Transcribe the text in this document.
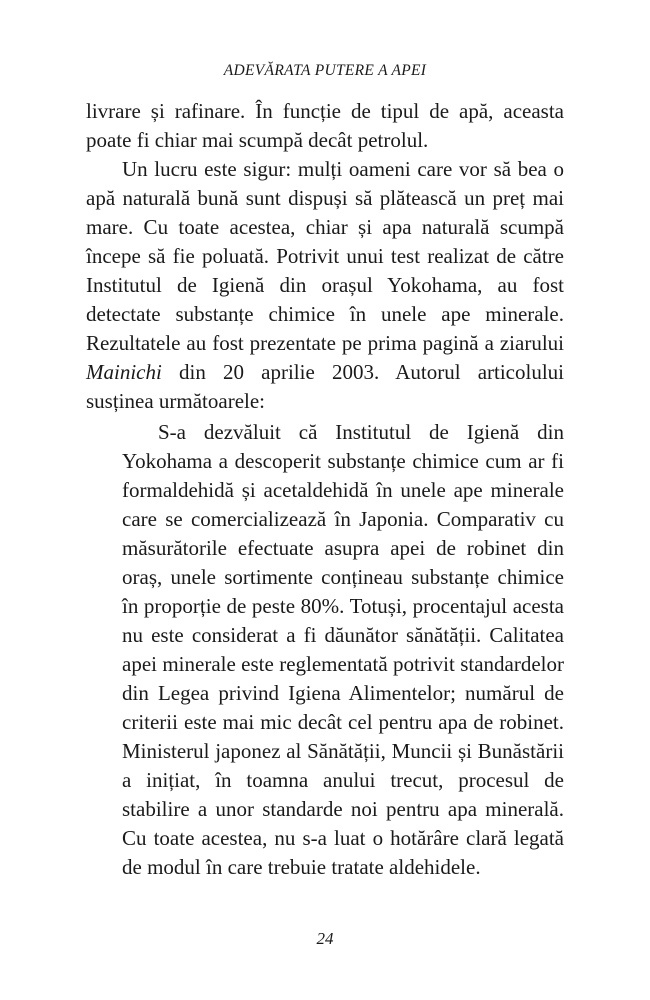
ADEVĂRATA PUTERE A APEI

livrare și rafinare. În funcție de tipul de apă, aceasta poate fi chiar mai scumpă decât petrolul.

Un lucru este sigur: mulți oameni care vor să bea o apă naturală bună sunt dispuși să plătească un preț mai mare. Cu toate acestea, chiar și apa naturală scumpă începe să fie poluată. Potrivit unui test realizat de către Institutul de Igienă din orașul Yokohama, au fost detectate substanțe chimice în unele ape minerale. Rezultatele au fost prezentate pe prima pagină a ziarului Mainichi din 20 aprilie 2003. Autorul articolului susținea următoarele:

S-a dezvăluit că Institutul de Igienă din Yokohama a descoperit substanțe chimice cum ar fi formaldehidă și acetaldehidă în unele ape minerale care se comercializează în Japonia. Comparativ cu măsurătorile efectuate asupra apei de robinet din oraș, unele sortimente conțineau substanțe chimice în proporție de peste 80%. Totuși, procentajul acesta nu este considerat a fi dăunător sănătății. Calitatea apei minerale este reglementată potrivit standardelor din Legea privind Igiena Alimentelor; numărul de criterii este mai mic decât cel pentru apa de robinet. Ministerul japonez al Sănătății, Muncii și Bunăstării a inițiat, în toamna anului trecut, procesul de stabilire a unor standarde noi pentru apa minerală. Cu toate acestea, nu s-a luat o hotărâre clară legată de modul în care trebuie tratate aldehidele.

24
